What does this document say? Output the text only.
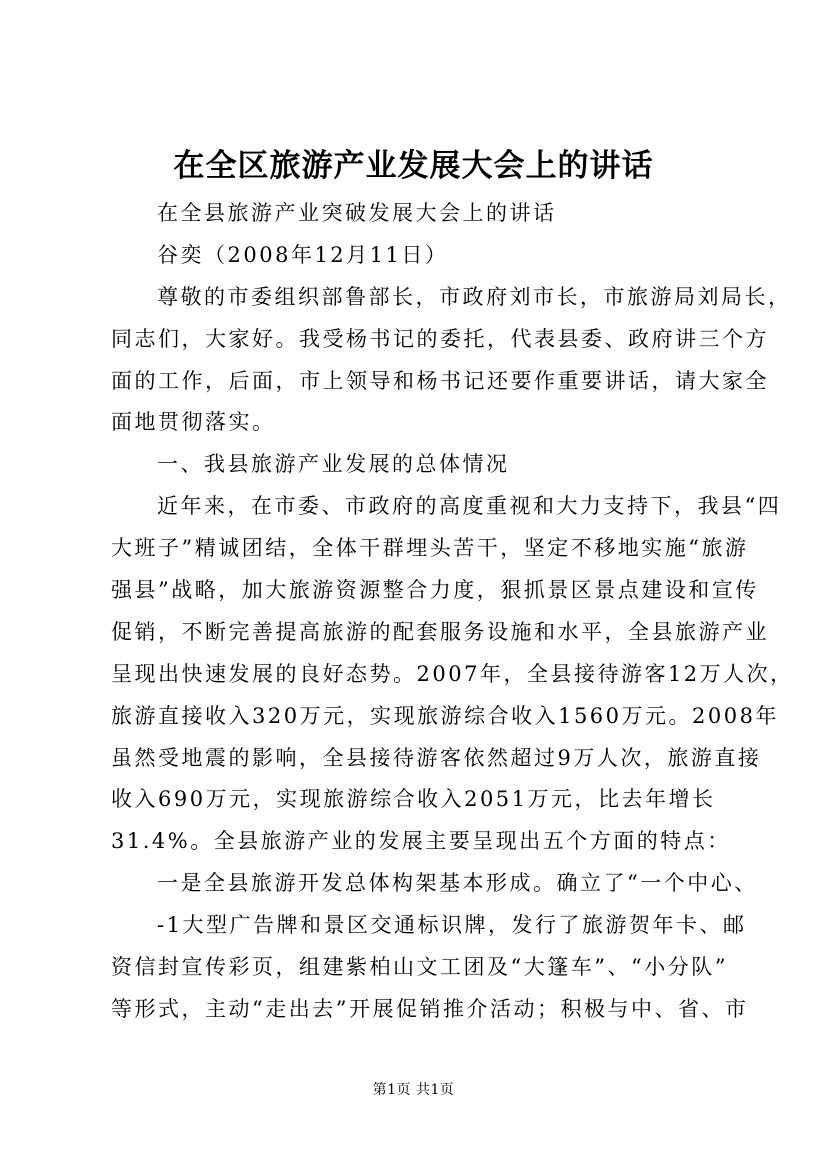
在全区旅游产业发展大会上的讲话
在全县旅游产业突破发展大会上的讲话
谷奕（2008年12月11日）
尊敬的市委组织部鲁部长，市政府刘市长，市旅游局刘局长，
同志们，大家好。我受杨书记的委托，代表县委、政府讲三个方
面的工作，后面，市上领导和杨书记还要作重要讲话，请大家全
面地贯彻落实。
一、我县旅游产业发展的总体情况
近年来，在市委、市政府的高度重视和大力支持下，我县“四
大班子”精诚团结，全体干群埋头苦干，坚定不移地实施“旅游
强县”战略，加大旅游资源整合力度，狠抓景区景点建设和宣传
促销，不断完善提高旅游的配套服务设施和水平，全县旅游产业
呈现出快速发展的良好态势。2007年，全县接待游客12万人次，
旅游直接收入320万元，实现旅游综合收入1560万元。2008年
虽然受地震的影响，全县接待游客依然超过9万人次，旅游直接
收入690万元，实现旅游综合收入2051万元，比去年增长
31.4%。全县旅游产业的发展主要呈现出五个方面的特点：
一是全县旅游开发总体构架基本形成。确立了“一个中心、
-1大型广告牌和景区交通标识牌，发行了旅游贺年卡、邮
资信封宣传彩页，组建紫柏山文工团及“大篷车”、“小分队”
等形式，主动“走出去”开展促销推介活动；积极与中、省、市
第1页 共1页
